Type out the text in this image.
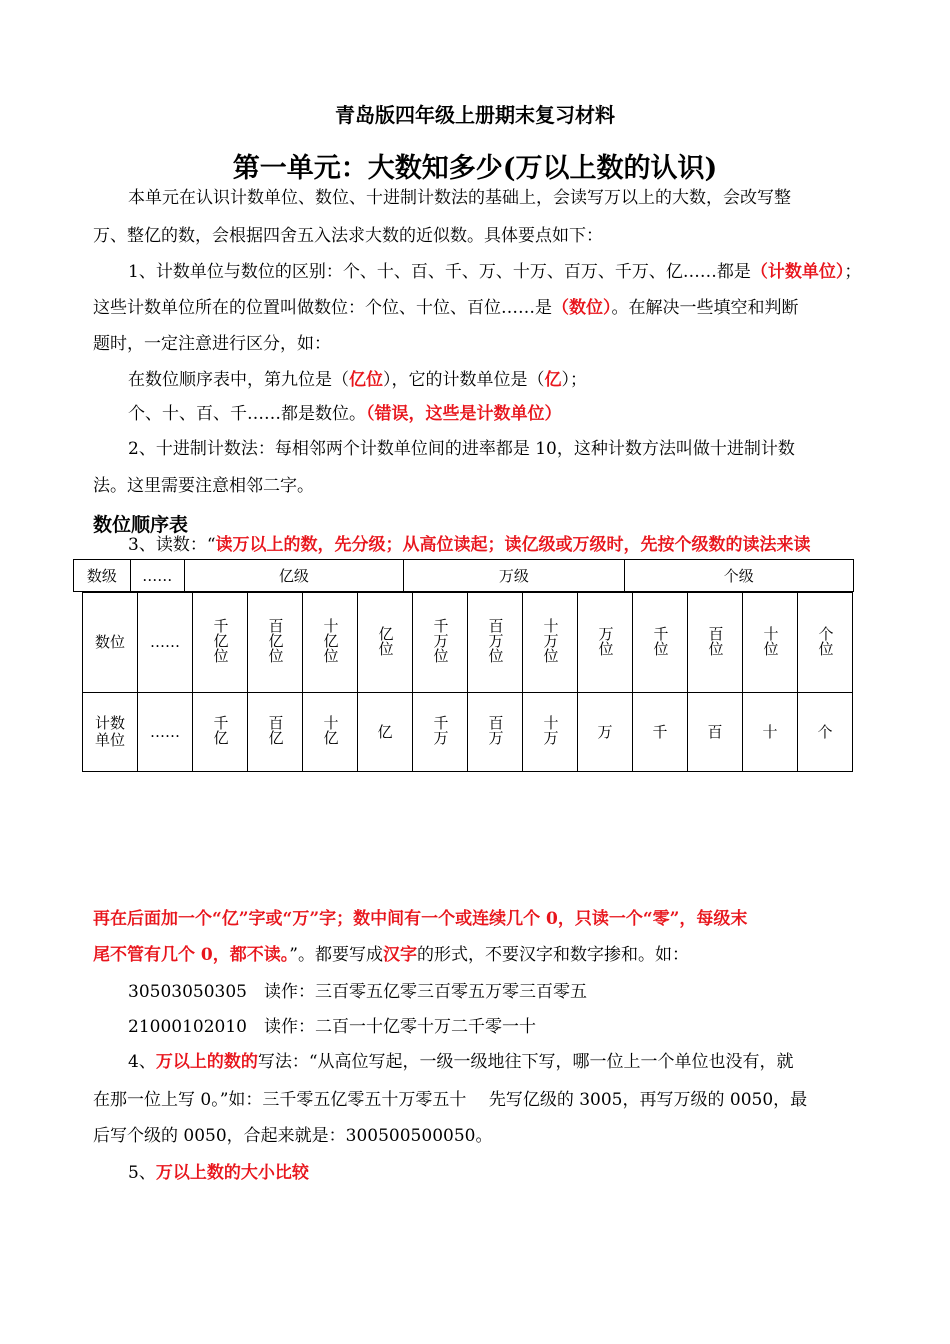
青岛版四年级上册期末复习材料
第一单元：大数知多少(万以上数的认识)
本单元在认识计数单位、数位、十进制计数法的基础上，会读写万以上的大数，会改写整
万、整亿的数，会根据四舍五入法求大数的近似数。具体要点如下：
1、计数单位与数位的区别：个、十、百、千、万、十万、百万、千万、亿……都是（计数单位）；
这些计数单位所在的位置叫做数位：个位、十位、百位……是（数位）。在解决一些填空和判断
题时，一定注意进行区分，如：
在数位顺序表中，第九位是（亿位），它的计数单位是（亿）；
个、十、百、千……都是数位。（错误，这些是计数单位）
2、十进制计数法：每相邻两个计数单位间的进率都是 10，这种计数方法叫做十进制计数
法。这里需要注意相邻二字。
数位顺序表
3、读数：“读万以上的数，先分级；从高位读起；读亿级或万级时，先按个级数的读法来读
数级	……	亿级	万级	个级
数位	……	千亿位	百亿位	十亿位	亿位	千万位	百万位	十万位	万位	千位	百位	十位	个位
计数单位	……	千亿	百亿	十亿	亿	千万	百万	十万	万	千	百	十	个
再在后面加一个“亿”字或“万”字；数中间有一个或连续几个 0，只读一个“零”，每级末
尾不管有几个 0，都不读。”。都要写成汉字的形式，不要汉字和数字掺和。如：
30503050305　读作：三百零五亿零三百零五万零三百零五
21000102010　读作：二百一十亿零十万二千零一十
4、万以上的数的写法：“从高位写起，一级一级地往下写，哪一位上一个单位也没有，就
在那一位上写 0。”如：三千零五亿零五十万零五十　 先写亿级的 3005，再写万级的 0050，最
后写个级的 0050，合起来就是：300500500050。
5、万以上数的大小比较
